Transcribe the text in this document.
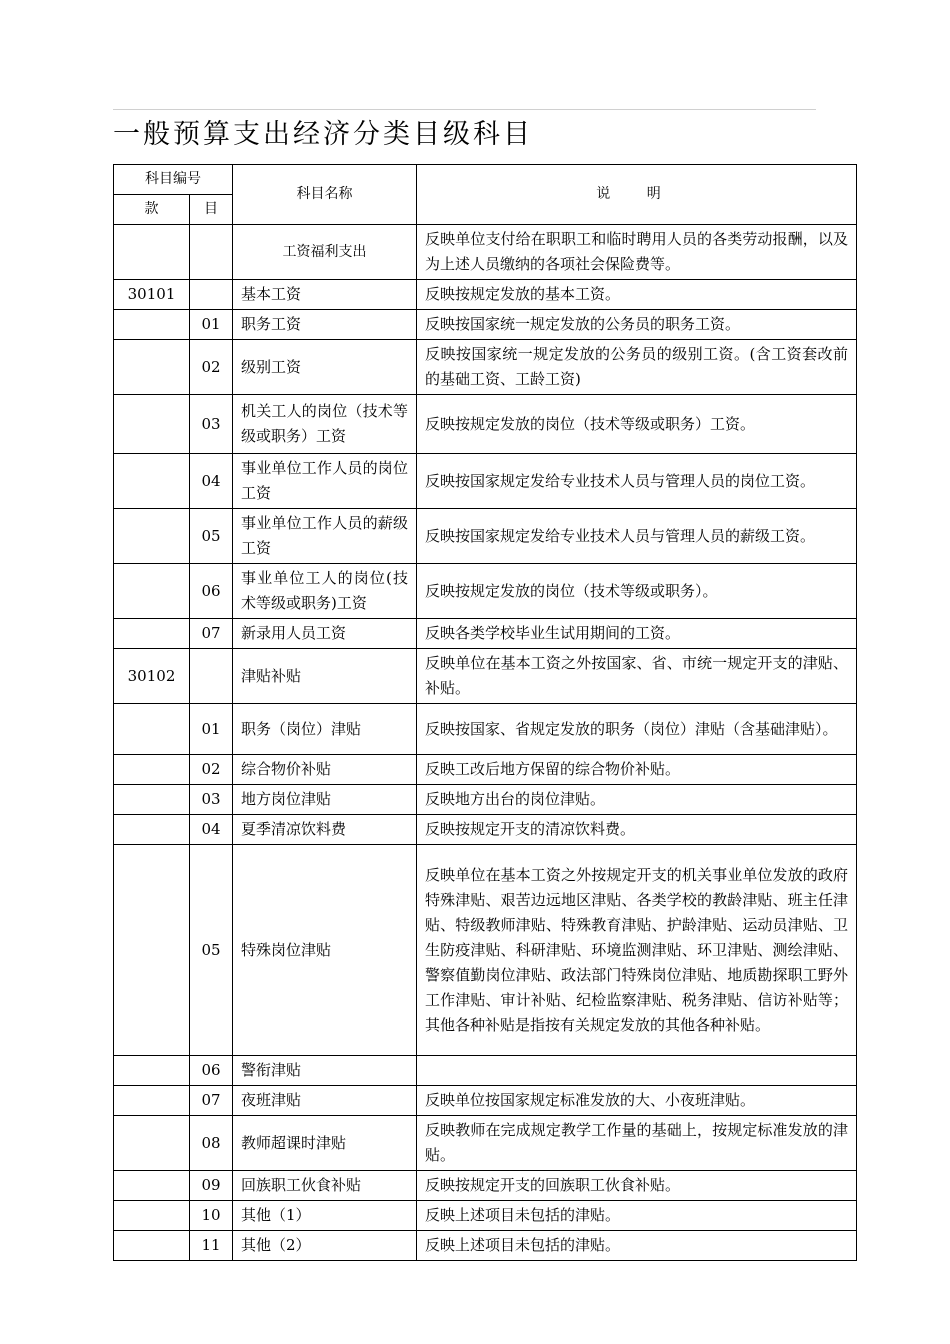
一般预算支出经济分类目级科目
科目编号		科目名称	说 明
款	目		
		工资福利支出	反映单位支付给在职职工和临时聘用人员的各类劳动报酬，以及为上述人员缴纳的各项社会保险费等。
30101		基本工资	反映按规定发放的基本工资。
	01	职务工资	反映按国家统一规定发放的公务员的职务工资。
	02	级别工资	反映按国家统一规定发放的公务员的级别工资。(含工资套改前的基础工资、工龄工资)
	03	机关工人的岗位（技术等级或职务）工资	反映按规定发放的岗位（技术等级或职务）工资。
	04	事业单位工作人员的岗位工资	反映按国家规定发给专业技术人员与管理人员的岗位工资。
	05	事业单位工作人员的薪级工资	反映按国家规定发给专业技术人员与管理人员的薪级工资。
	06	事业单位工人的岗位(技术等级或职务)工资	反映按规定发放的岗位（技术等级或职务）。
	07	新录用人员工资	反映各类学校毕业生试用期间的工资。
30102		津贴补贴	反映单位在基本工资之外按国家、省、市统一规定开支的津贴、补贴。
	01	职务（岗位）津贴	反映按国家、省规定发放的职务（岗位）津贴（含基础津贴）。
	02	综合物价补贴	反映工改后地方保留的综合物价补贴。
	03	地方岗位津贴	反映地方出台的岗位津贴。
	04	夏季清凉饮料费	反映按规定开支的清凉饮料费。
	05	特殊岗位津贴	反映单位在基本工资之外按规定开支的机关事业单位发放的政府特殊津贴、艰苦边远地区津贴、各类学校的教龄津贴、班主任津贴、特级教师津贴、特殊教育津贴、护龄津贴、运动员津贴、卫生防疫津贴、科研津贴、环境监测津贴、环卫津贴、测绘津贴、警察值勤岗位津贴、政法部门特殊岗位津贴、地质勘探职工野外工作津贴、审计补贴、纪检监察津贴、税务津贴、信访补贴等；其他各种补贴是指按有关规定发放的其他各种补贴。
	06	警衔津贴	
	07	夜班津贴	反映单位按国家规定标准发放的大、小夜班津贴。
	08	教师超课时津贴	反映教师在完成规定教学工作量的基础上，按规定标准发放的津贴。
	09	回族职工伙食补贴	反映按规定开支的回族职工伙食补贴。
	10	其他（1）	反映上述项目未包括的津贴。
	11	其他（2）	反映上述项目未包括的津贴。
